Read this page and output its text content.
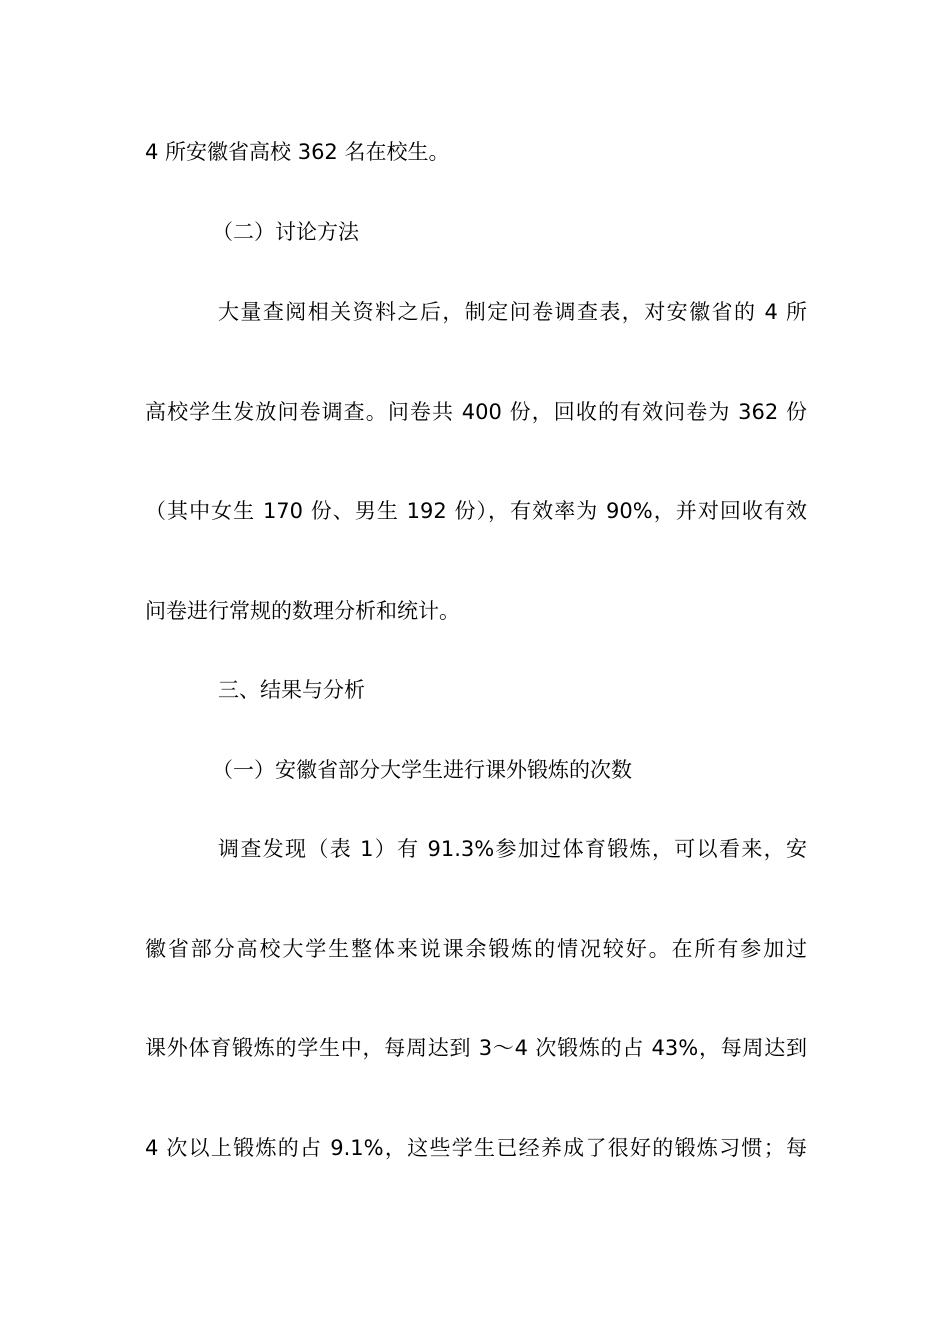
4 所安徽省高校 362 名在校生。
（二）讨论方法
大量查阅相关资料之后，制定问卷调查表，对安徽省的 4 所
高校学生发放问卷调查。问卷共 400 份，回收的有效问卷为 362 份
（其中女生 170 份、男生 192 份），有效率为 90%，并对回收有效
问卷进行常规的数理分析和统计。
三、结果与分析
（一）安徽省部分大学生进行课外锻炼的次数
调查发现（表 1）有 91.3%参加过体育锻炼，可以看来，安
徽省部分高校大学生整体来说课余锻炼的情况较好。在所有参加过
课外体育锻炼的学生中，每周达到 3～4 次锻炼的占 43%，每周达到
4 次以上锻炼的占 9.1%，这些学生已经养成了很好的锻炼习惯；每
